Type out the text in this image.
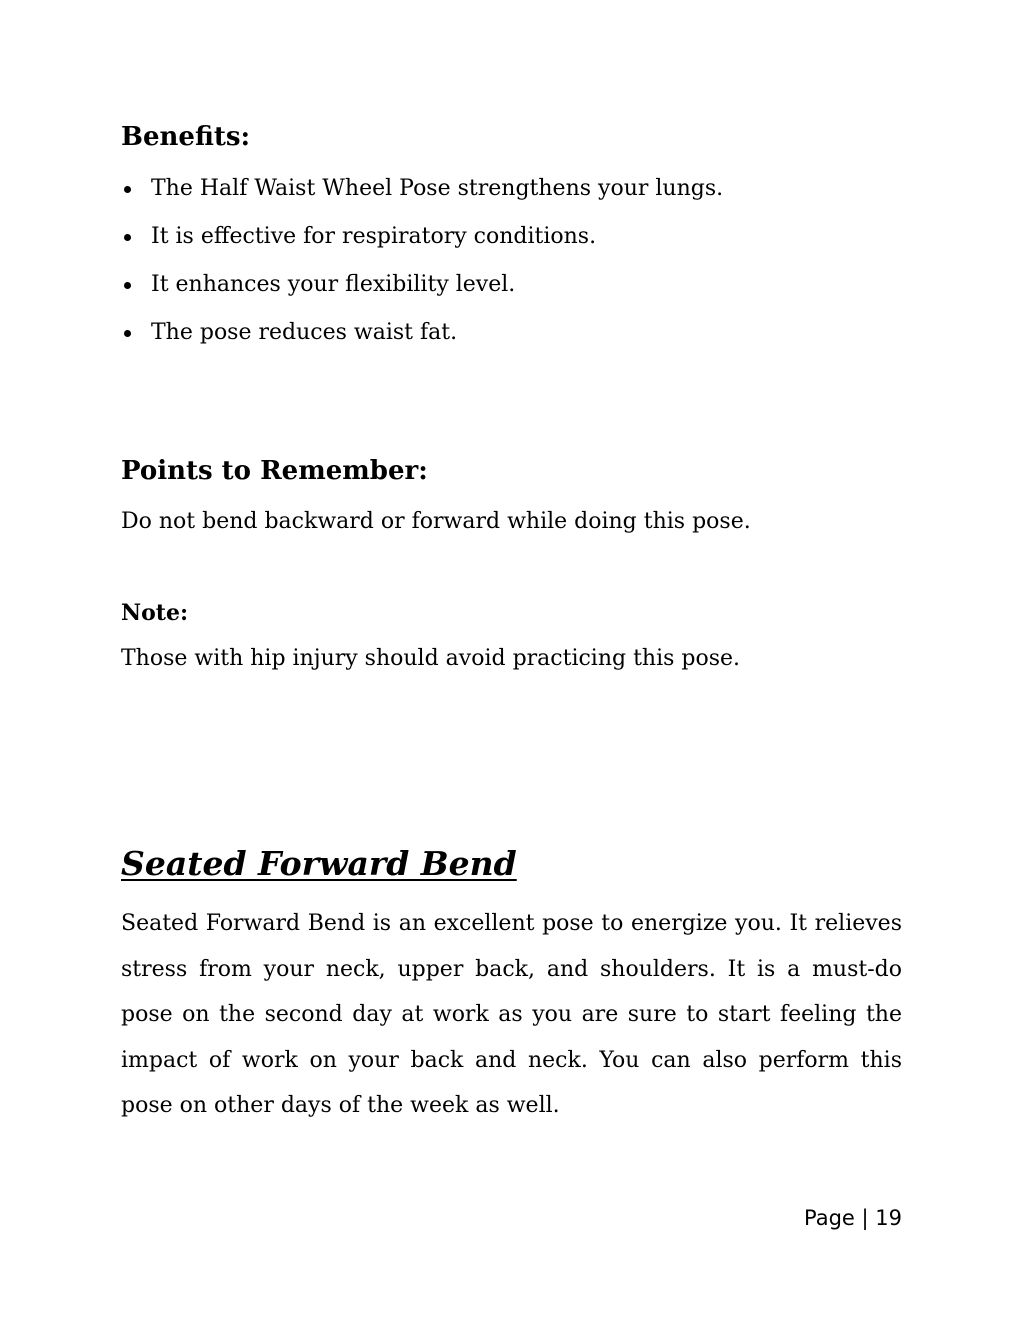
Benefits:
The Half Waist Wheel Pose strengthens your lungs.
It is effective for respiratory conditions.
It enhances your flexibility level.
The pose reduces waist fat.
Points to Remember:

Do not bend backward or forward while doing this pose.

Note:

Those with hip injury should avoid practicing this pose.

Seated Forward Bend

Seated Forward Bend is an excellent pose to energize you. It relieves stress from your neck, upper back, and shoulders. It is a must-do pose on the second day at work as you are sure to start feeling the impact of work on your back and neck. You can also perform this pose on other days of the week as well.

Page | 19
